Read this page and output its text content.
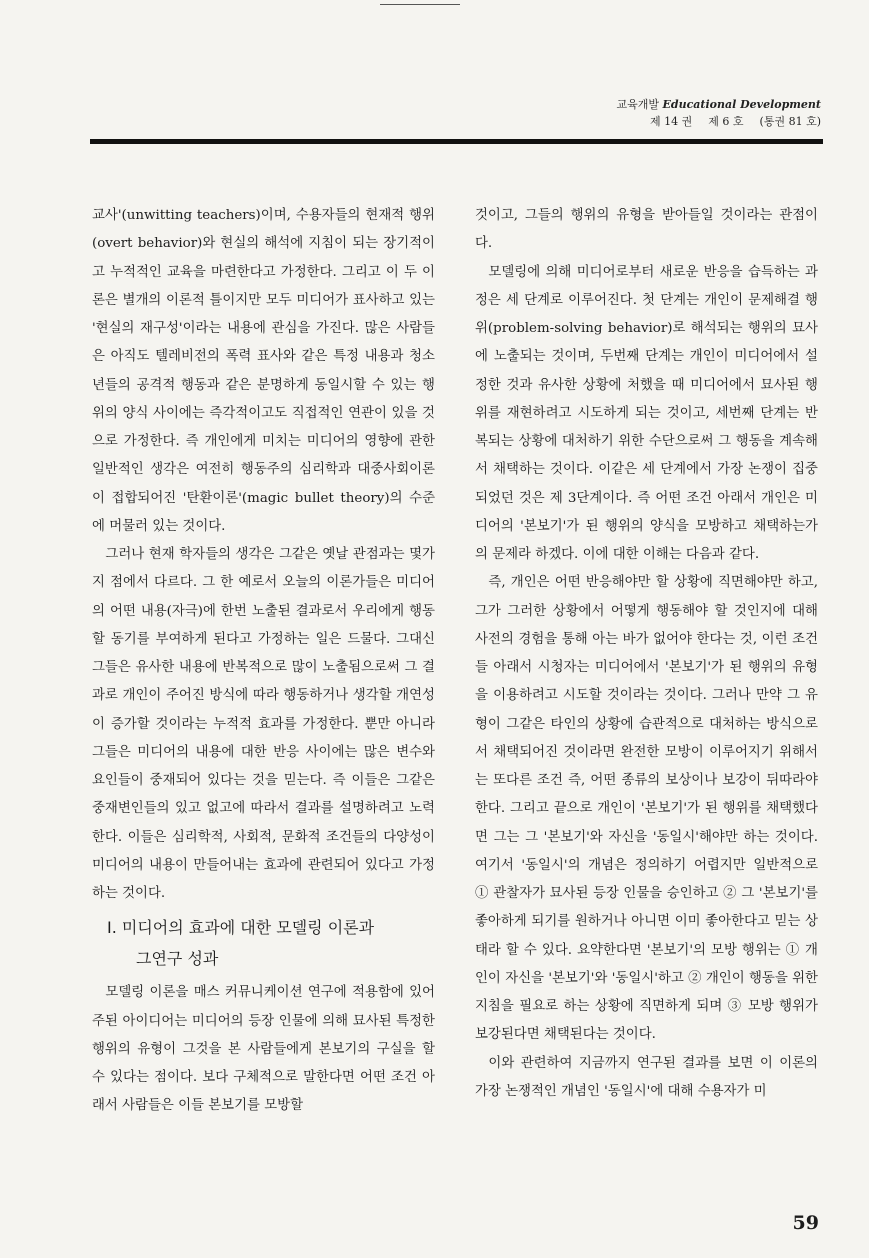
교육개발 Educational Development
제 14 권 제 6 호 (통권 81 호)

교사'(unwitting teachers)이며, 수용자들의 현재적 행위(overt behavior)와 현실의 해석에 지침이 되는 장기적이고 누적적인 교육을 마련한다고 가정한다. 그리고 이 두 이론은 별개의 이론적 틀이지만 모두 미디어가 표사하고 있는 '현실의 재구성'이라는 내용에 관심을 가진다. 많은 사람들은 아직도 텔레비전의 폭력 표사와 같은 특정 내용과 청소년들의 공격적 행동과 같은 분명하게 동일시할 수 있는 행위의 양식 사이에는 즉각적이고도 직접적인 연관이 있을 것으로 가정한다. 즉 개인에게 미치는 미디어의 영향에 관한 일반적인 생각은 여전히 행동주의 심리학과 대중사회이론이 접합되어진 '탄환이론'(magic bullet theory)의 수준에 머물러 있는 것이다.

그러나 현재 학자들의 생각은 그같은 옛날 관점과는 몇가지 점에서 다르다. 그 한 예로서 오늘의 이론가들은 미디어의 어떤 내용(자극)에 한번 노출된 결과로서 우리에게 행동할 동기를 부여하게 된다고 가정하는 일은 드물다. 그대신 그들은 유사한 내용에 반복적으로 많이 노출됨으로써 그 결과로 개인이 주어진 방식에 따라 행동하거나 생각할 개연성이 증가할 것이라는 누적적 효과를 가정한다. 뿐만 아니라 그들은 미디어의 내용에 대한 반응 사이에는 많은 변수와 요인들이 중재되어 있다는 것을 믿는다. 즉 이들은 그같은 중재변인들의 있고 없고에 따라서 결과를 설명하려고 노력한다. 이들은 심리학적, 사회적, 문화적 조건들의 다양성이 미디어의 내용이 만들어내는 효과에 관련되어 있다고 가정하는 것이다.

I. 미디어의 효과에 대한 모델링 이론과
그연구 성과

모델링 이론을 매스 커뮤니케이션 연구에 적용함에 있어 주된 아이디어는 미디어의 등장 인물에 의해 묘사된 특정한 행위의 유형이 그것을 본 사람들에게 본보기의 구실을 할 수 있다는 점이다. 보다 구체적으로 말한다면 어떤 조건 아래서 사람들은 이들 본보기를 모방할

것이고, 그들의 행위의 유형을 받아들일 것이라는 관점이다.

모델링에 의해 미디어로부터 새로운 반응을 습득하는 과정은 세 단계로 이루어진다. 첫 단계는 개인이 문제해결 행위(problem-solving behavior)로 해석되는 행위의 묘사에 노출되는 것이며, 두번째 단계는 개인이 미디어에서 설정한 것과 유사한 상황에 처했을 때 미디어에서 묘사된 행위를 재현하려고 시도하게 되는 것이고, 세번째 단계는 반복되는 상황에 대처하기 위한 수단으로써 그 행동을 계속해서 채택하는 것이다. 이같은 세 단계에서 가장 논쟁이 집중되었던 것은 제 3단계이다. 즉 어떤 조건 아래서 개인은 미디어의 '본보기'가 된 행위의 양식을 모방하고 채택하는가의 문제라 하겠다. 이에 대한 이해는 다음과 같다.

즉, 개인은 어떤 반응해야만 할 상황에 직면해야만 하고, 그가 그러한 상황에서 어떻게 행동해야 할 것인지에 대해 사전의 경험을 통해 아는 바가 없어야 한다는 것, 이런 조건들 아래서 시청자는 미디어에서 '본보기'가 된 행위의 유형을 이용하려고 시도할 것이라는 것이다. 그러나 만약 그 유형이 그같은 타인의 상황에 습관적으로 대처하는 방식으로서 채택되어진 것이라면 완전한 모방이 이루어지기 위해서는 또다른 조건 즉, 어떤 종류의 보상이나 보강이 뒤따라야 한다. 그리고 끝으로 개인이 '본보기'가 된 행위를 채택했다면 그는 그 '본보기'와 자신을 '동일시'해야만 하는 것이다. 여기서 '동일시'의 개념은 정의하기 어렵지만 일반적으로 ① 관찰자가 묘사된 등장 인물을 승인하고 ② 그 '본보기'를 좋아하게 되기를 원하거나 아니면 이미 좋아한다고 믿는 상태라 할 수 있다. 요약한다면 '본보기'의 모방 행위는 ① 개인이 자신을 '본보기'와 '동일시'하고 ② 개인이 행동을 위한 지침을 필요로 하는 상황에 직면하게 되며 ③ 모방 행위가 보강된다면 채택된다는 것이다.

이와 관련하여 지금까지 연구된 결과를 보면 이 이론의 가장 논쟁적인 개념인 '동일시'에 대해 수용자가 미

59
